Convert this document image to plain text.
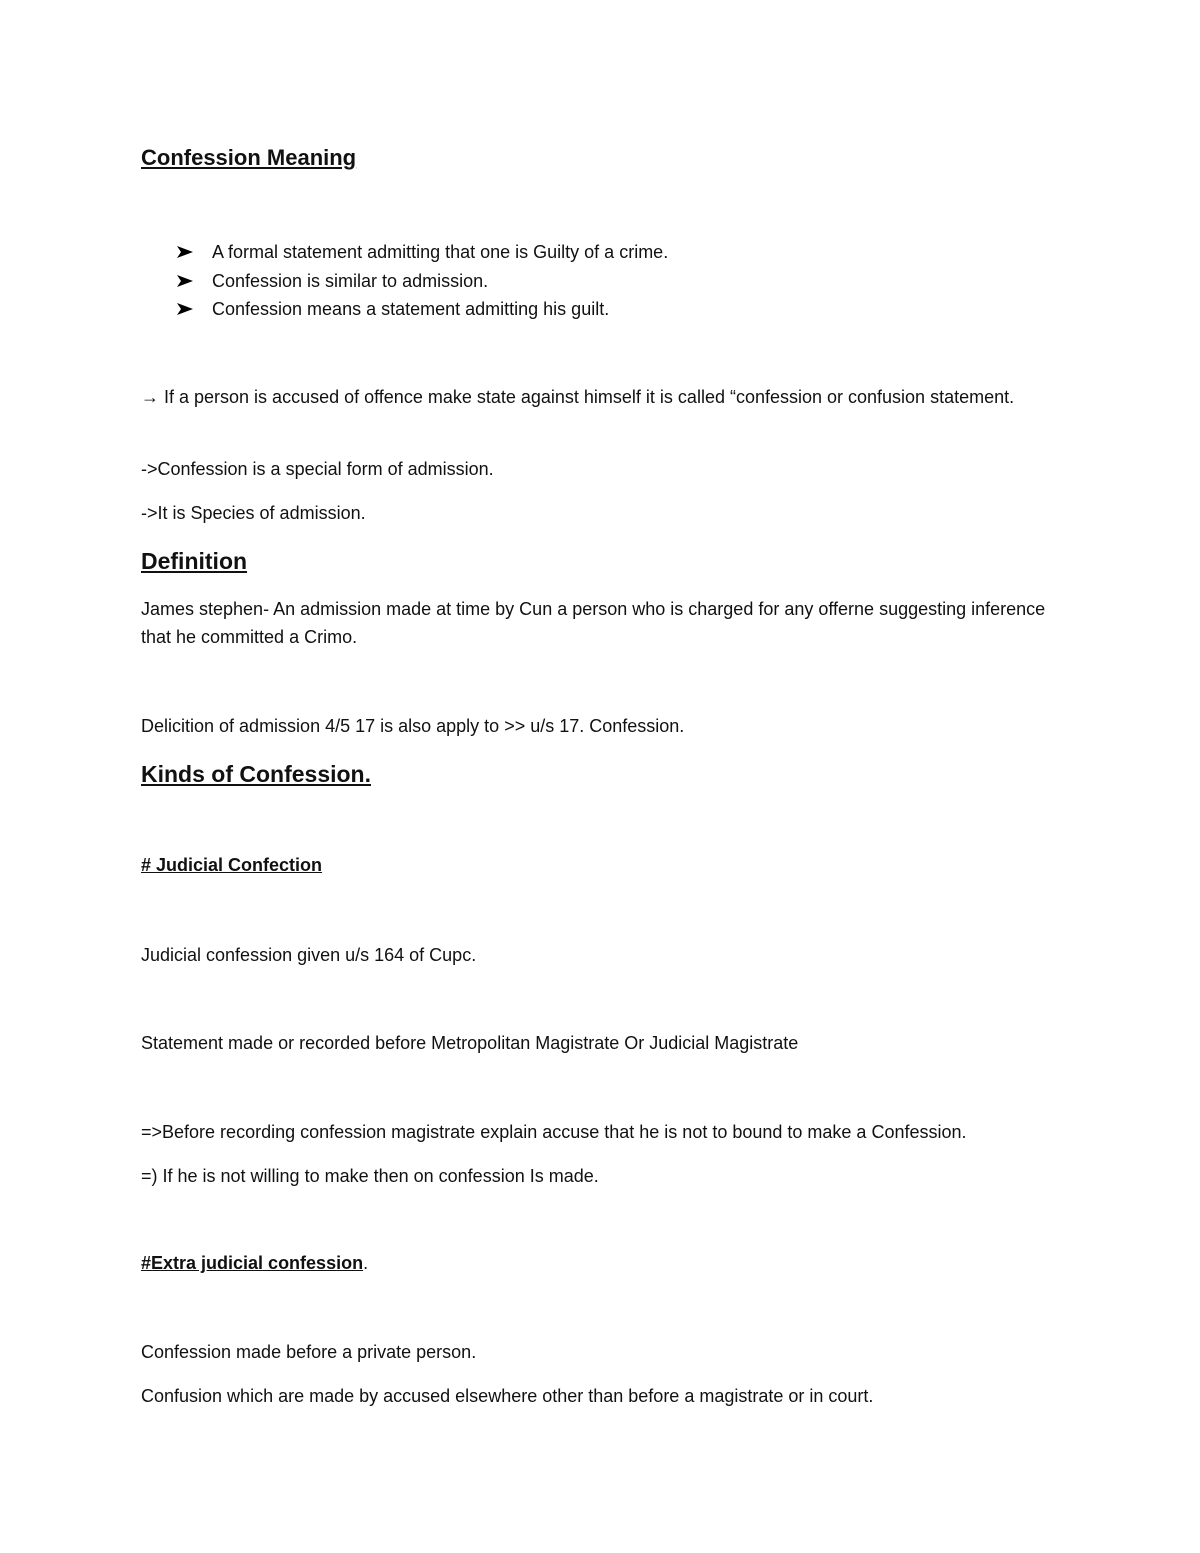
Confession Meaning
A formal statement admitting that one is Guilty of a crime.
Confession is similar to admission.
Confession means a statement admitting his guilt.
→ If a person is accused of offence make state against himself it is called “confession or confusion statement.
->Confession is a special form of admission.
->It is Species of admission.
Definition
James stephen- An admission made at time by Cun a person who is charged for any offerne suggesting inference that he committed a Crimo.
Delicition of admission 4/5 17 is also apply to >> u/s 17. Confession.
Kinds of Confession.
# Judicial Confection
Judicial confession given u/s 164 of Cupc.
Statement made or recorded before Metropolitan Magistrate Or Judicial Magistrate
=>Before recording confession magistrate explain accuse that he is not to bound to make a Confession.
=) If he is not willing to make then on confession Is made.
#Extra judicial confession.
Confession made before a private person.
Confusion which are made by accused elsewhere other than before a magistrate or in court.
